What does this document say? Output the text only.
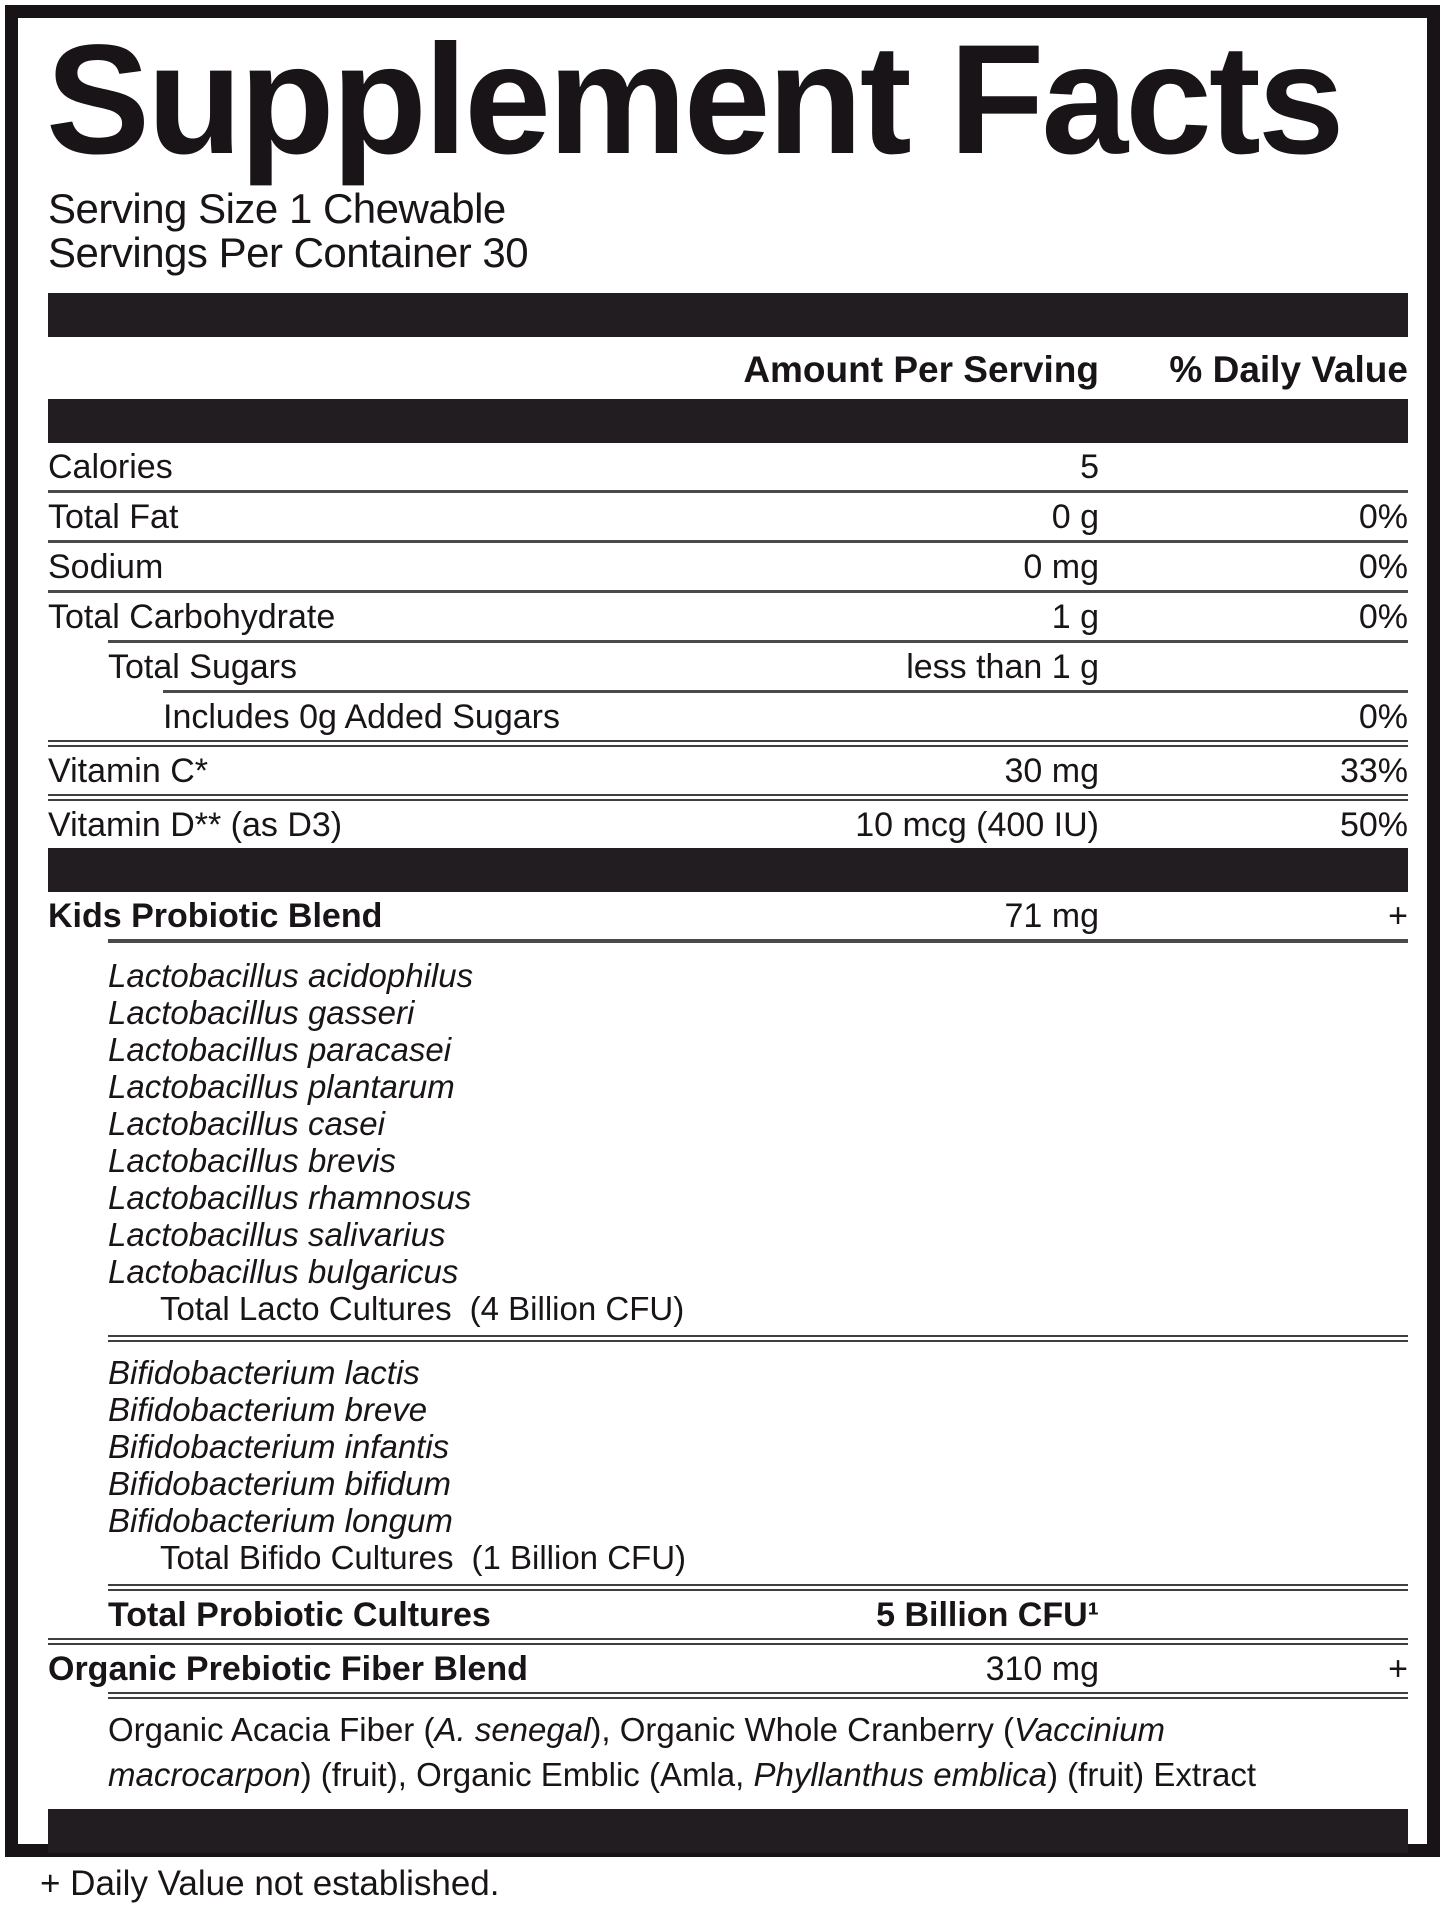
Supplement Facts
Serving Size 1 Chewable
Servings Per Container 30
Amount Per Serving	% Daily Value
Calories	5
Total Fat	0 g	0%
Sodium	0 mg	0%
Total Carbohydrate	1 g	0%
Total Sugars	less than 1 g
Includes 0g Added Sugars	0%
Vitamin C*	30 mg	33%
Vitamin D** (as D3)	10 mcg (400 IU)	50%
Kids Probiotic Blend	71 mg	+
Lactobacillus acidophilus
Lactobacillus gasseri
Lactobacillus paracasei
Lactobacillus plantarum
Lactobacillus casei
Lactobacillus brevis
Lactobacillus rhamnosus
Lactobacillus salivarius
Lactobacillus bulgaricus
Total Lacto Cultures (4 Billion CFU)
Bifidobacterium lactis
Bifidobacterium breve
Bifidobacterium infantis
Bifidobacterium bifidum
Bifidobacterium longum
Total Bifido Cultures (1 Billion CFU)
Total Probiotic Cultures	5 Billion CFU¹
Organic Prebiotic Fiber Blend	310 mg	+
Organic Acacia Fiber (A. senegal), Organic Whole Cranberry (Vaccinium
macrocarpon) (fruit), Organic Emblic (Amla, Phyllanthus emblica) (fruit) Extract
+ Daily Value not established.
